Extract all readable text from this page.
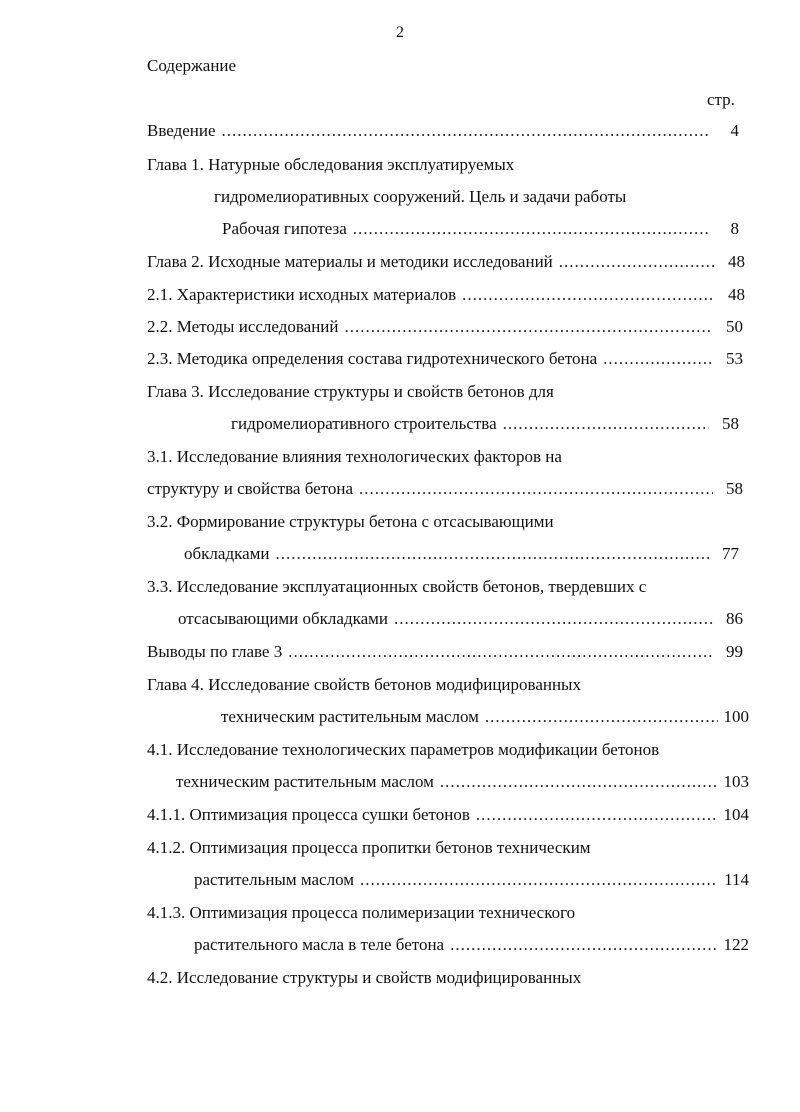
2
Содержание
стр.
Введение .....	4
Глава 1. Натурные обследования эксплуатируемых
гидромелиоративных сооружений. Цель и задачи работы
Рабочая гипотеза .....	8
Глава 2. Исходные материалы и методики исследований .....	48
2.1. Характеристики исходных материалов .....	48
2.2. Методы исследований .....	50
2.3. Методика определения состава гидротехнического бетона .....	53
Глава 3. Исследование структуры и свойств бетонов для
гидромелиоративного строительства .....	58
3.1. Исследование влияния технологических факторов на
структуру и свойства бетона .....	58
3.2. Формирование структуры бетона с отсасывающими
обкладками .....	77
3.3. Исследование эксплуатационных свойств бетонов, твердевших с
отсасывающими обкладками .....	86
Выводы по главе 3 .....	99
Глава 4. Исследование свойств бетонов модифицированных
техническим растительным маслом .....	100
4.1. Исследование технологических параметров модификации бетонов
техническим растительным маслом .....	103
4.1.1. Оптимизация процесса сушки бетонов .....	104
4.1.2. Оптимизация процесса пропитки бетонов техническим
растительным маслом .....	114
4.1.3. Оптимизация процесса полимеризации технического
растительного масла в теле бетона .....	122
4.2. Исследование структуры и свойств модифицированных
